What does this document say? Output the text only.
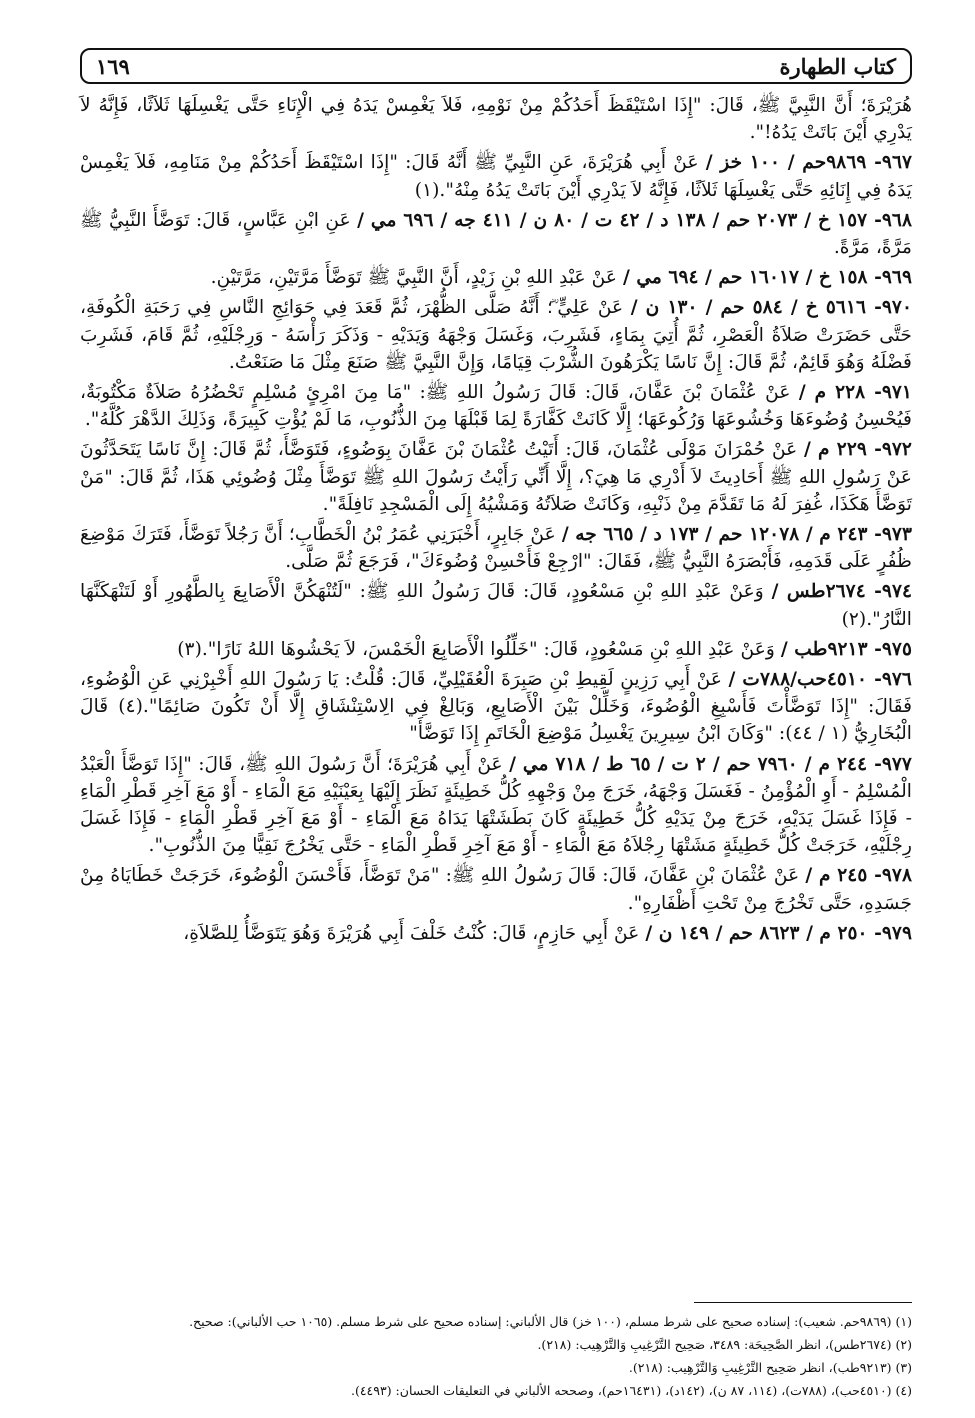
كتاب الطهارة
١٦٩

هُرَيْرَةَ؛ أَنَّ النَّبِيَّ ﷺ، قَالَ: "إِذَا اسْتَيْقَظَ أَحَدُكُمْ مِنْ نَوْمِهِ، فَلاَ يَغْمِسْ يَدَهُ فِي الْإِنَاءِ حَتَّى يَغْسِلَهَا ثَلاَثًا، فَإِنَّهُ لاَ يَدْرِي أَيْنَ بَاتَتْ يَدُهُ!".

٩٦٧- ٩٨٦٩حم / ١٠٠ خز / عَنْ أَبِي هُرَيْرَةَ، عَنِ النَّبِيِّ ﷺ أَنَّهُ قَالَ: "إِذَا اسْتَيْقَظَ أَحَدُكُمْ مِنْ مَنَامِهِ، فَلاَ يَغْمِسْ يَدَهُ فِي إِنَائِهِ حَتَّى يَغْسِلَهَا ثَلاَثًا، فَإِنَّهُ لاَ يَدْرِي أَيْنَ بَاتَتْ يَدُهُ مِنْهُ".(١)

٩٦٨- ١٥٧ خ / ٢٠٧٣ حم / ١٣٨ د / ٤٢ ت / ٨٠ ن / ٤١١ جه / ٦٩٦ مي / عَنِ ابْنِ عَبَّاسٍ، قَالَ: تَوَضَّأَ النَّبِيُّ ﷺ مَرَّةً، مَرَّةً.

٩٦٩- ١٥٨ خ / ١٦٠١٧ حم / ٦٩٤ مي / عَنْ عَبْدِ اللهِ بْنِ زَيْدٍ، أَنَّ النَّبِيَّ ﷺ تَوَضَّأَ مَرَّتَيْنِ، مَرَّتَيْنِ.

٩٧٠- ٥٦١٦ خ / ٥٨٤ حم / ١٣٠ ن / عَنْ عَلِيٍّ ؓ؛ أَنَّهُ صَلَّى الظُّهْرَ، ثُمَّ قَعَدَ فِي حَوَائِجِ النَّاسِ فِي رَحَبَةِ الْكُوفَةِ، حَتَّى حَضَرَتْ صَلاَةُ الْعَصْرِ، ثُمَّ أُتِيَ بِمَاءٍ، فَشَرِبَ، وَغَسَلَ وَجْهَهُ وَيَدَيْهِ - وَذَكَرَ رَأْسَهُ - وَرِجْلَيْهِ، ثُمَّ قَامَ، فَشَرِبَ فَضْلَهُ وَهُوَ قَائِمٌ، ثُمَّ قَالَ: إِنَّ نَاسًا يَكْرَهُونَ الشُّرْبَ قِيَامًا، وَإِنَّ النَّبِيَّ ﷺ صَنَعَ مِثْلَ مَا صَنَعْتُ.

٩٧١- ٢٢٨ م / عَنْ عُثْمَانَ بْنَ عَفَّانَ، قَالَ: قَالَ رَسُولُ اللهِ ﷺ: "مَا مِنَ امْرِئٍ مُسْلِمٍ تَحْضُرُهُ صَلاَةٌ مَكْتُوبَةٌ، فَيُحْسِنُ وُضُوءَهَا وَخُشُوعَهَا وَرُكُوعَهَا؛ إِلَّا كَانَتْ كَفَّارَةً لِمَا قَبْلَهَا مِنَ الذُّنُوبِ، مَا لَمْ يُؤْتِ كَبِيرَةً، وَذَلِكَ الدَّهْرَ كُلَّهُ".

٩٧٢- ٢٢٩ م / عَنْ حُمْرَانَ مَوْلَى عُثْمَانَ، قَالَ: أَتَيْتُ عُثْمَانَ بْنَ عَفَّانَ بِوَضُوءٍ، فَتَوَضَّأَ، ثُمَّ قَالَ: إِنَّ نَاسًا يَتَحَدَّثُونَ عَنْ رَسُولِ اللهِ ﷺ أَحَادِيثَ لاَ أَدْرِي مَا هِيَ؟، إِلَّا أَنِّي رَأَيْتُ رَسُولَ اللهِ ﷺ تَوَضَّأَ مِثْلَ وُضُوئِي هَذَا، ثُمَّ قَالَ: "مَنْ تَوَضَّأَ هَكَذَا، غُفِرَ لَهُ مَا تَقَدَّمَ مِنْ ذَنْبِهِ، وَكَانَتْ صَلاَتُهُ وَمَشْيُهُ إِلَى الْمَسْجِدِ نَافِلَةً".

٩٧٣- ٢٤٣ م / ١٢٠٧٨ حم / ١٧٣ د / ٦٦٥ جه / عَنْ جَابِرٍ، أَخْبَرَنِي عُمَرُ بْنُ الْخَطَّابِ؛ أَنَّ رَجُلاً تَوَضَّأَ، فَتَرَكَ مَوْضِعَ ظُفُرٍ عَلَى قَدَمِهِ، فَأَبْصَرَهُ النَّبِيُّ ﷺ، فَقَالَ: "ارْجِعْ فَأَحْسِنْ وُضُوءَكَ"، فَرَجَعَ ثُمَّ صَلَّى.

٩٧٤- ٢٦٧٤طس / وَعَنْ عَبْدِ اللهِ بْنِ مَسْعُودٍ، قَالَ: قَالَ رَسُولُ اللهِ ﷺ: "لَتُنْهَكُنَّ الْأَصَابِعَ بِالطَّهُورِ أَوْ لَتَنْهَكَنَّهَا النَّارُ".(٢)

٩٧٥- ٩٢١٣طب / وَعَنْ عَبْدِ اللهِ بْنِ مَسْعُودٍ، قَالَ: "خَلِّلُوا الْأَصَابِعَ الْخَمْسَ، لاَ يَحْشُوهَا اللهُ نَارًا".(٣)

٩٧٦- ٤٥١٠حب/٧٨٨ت / عَنْ أَبِي رَزِينٍ لَقِيطِ بْنِ صَبِرَةَ الْعُقَيْلِيِّ، قَالَ: قُلْتُ: يَا رَسُولَ اللهِ أَخْبِرْنِي عَنِ الْوُضُوءِ، فَقَالَ: "إِذَا تَوَضَّأْتَ فَأَسْبِغِ الْوُضُوءَ، وَخَلِّلْ بَيْنَ الْأَصَابِعِ، وَبَالِغْ فِي الِاسْتِنْشَاقِ إِلَّا أَنْ تَكُونَ صَائِمًا".(٤) قَالَ الْبُخَارِيُّ (١ / ٤٤): "وَكَانَ ابْنُ سِيرِينَ يَغْسِلُ مَوْضِعَ الْخَاتَمِ إِذَا تَوَضَّأَ"

٩٧٧- ٢٤٤ م / ٧٩٦٠ حم / ٢ ت / ٦٥ ط / ٧١٨ مي / عَنْ أَبِي هُرَيْرَةَ؛ أَنَّ رَسُولَ اللهِ ﷺ، قَالَ: "إِذَا تَوَضَّأَ الْعَبْدُ الْمُسْلِمُ - أَوِ الْمُؤْمِنُ - فَغَسَلَ وَجْهَهُ، خَرَجَ مِنْ وَجْهِهِ كُلُّ خَطِيئَةٍ نَظَرَ إِلَيْهَا بِعَيْنَيْهِ مَعَ الْمَاءِ - أَوْ مَعَ آخِرِ قَطْرِ الْمَاءِ - فَإِذَا غَسَلَ يَدَيْهِ، خَرَجَ مِنْ يَدَيْهِ كُلُّ خَطِيئَةٍ كَانَ بَطَشَتْهَا يَدَاهُ مَعَ الْمَاءِ - أَوْ مَعَ آخِرِ قَطْرِ الْمَاءِ - فَإِذَا غَسَلَ رِجْلَيْهِ، خَرَجَتْ كُلُّ خَطِيئَةٍ مَشَتْهَا رِجْلاَهُ مَعَ الْمَاءِ - أَوْ مَعَ آخِرِ قَطْرِ الْمَاءِ - حَتَّى يَخْرُجَ نَقِيًّا مِنَ الذُّنُوبِ".

٩٧٨- ٢٤٥ م / عَنْ عُثْمَانَ بْنِ عَفَّانَ، قَالَ: قَالَ رَسُولُ اللهِ ﷺ: "مَنْ تَوَضَّأَ، فَأَحْسَنَ الْوُضُوءَ، خَرَجَتْ خَطَايَاهُ مِنْ جَسَدِهِ، حَتَّى تَخْرُجَ مِنْ تَحْتِ أَظْفَارِهِ".

٩٧٩- ٢٥٠ م / ٨٦٢٣ حم / ١٤٩ ن / عَنْ أَبِي حَازِمٍ، قَالَ: كُنْتُ خَلْفَ أَبِي هُرَيْرَةَ وَهُوَ يَتَوَضَّأُ لِلصَّلاَةِ،

(١) (٩٨٦٩حم. شعيب): إسناده صحيح على شرط مسلم، (١٠٠ خز) قال الألباني: إسناده صحيح على شرط مسلم. (١٠٦٥ حب الألباني): صحيح.
(٢) (٢٦٧٤طس)، انظر الصَّحِيحَة: ٣٤٨٩، صَحِيح التَّرْغِيبِ وَالتَّرْهِيب: (٢١٨).
(٣) (٩٢١٣طب)، انظر صَحِيح التَّرْغِيبِ وَالتَّرْهِيب: (٢١٨).
(٤) (٤٥١٠حب)، (٧٨٨ت)، (١١٤، ٨٧ ن)، (١٤٢د)، (١٦٤٣١حم)، وصححه الألباني في التعليقات الحسان: (٤٤٩٣).
